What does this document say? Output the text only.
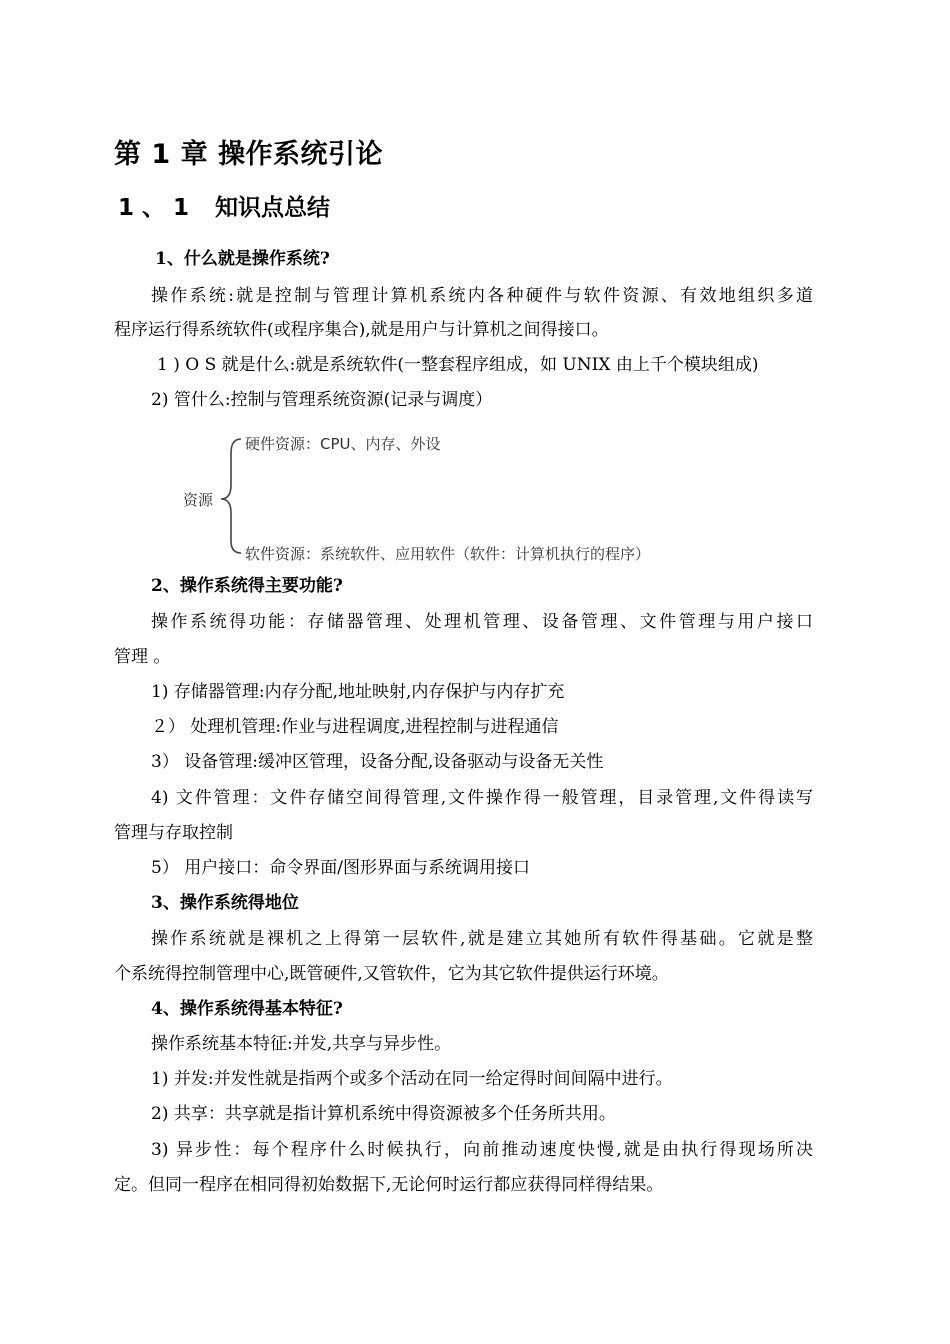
第 1 章 操作系统引论
1、1 知识点总结

1、什么就是操作系统?

操作系统:就是控制与管理计算机系统内各种硬件与软件资源、有效地组织多道

程序运行得系统软件(或程序集合),就是用户与计算机之间得接口。

1 ) O S 就是什么:就是系统软件(一整套程序组成，如 UNIX 由上千个模块组成)

2) 管什么:控制与管理系统资源(记录与调度）

资源
硬件资源：CPU、内存、外设
软件资源：系统软件、应用软件（软件：计算机执行的程序）

2、操作系统得主要功能?

操作系统得功能：存储器管理、处理机管理、设备管理、文件管理与用户接口

管理 。

1) 存储器管理:内存分配,地址映射,内存保护与内存扩充

２） 处理机管理:作业与进程调度,进程控制与进程通信

3） 设备管理:缓冲区管理，设备分配,设备驱动与设备无关性

4) 文件管理：文件存储空间得管理,文件操作得一般管理，目录管理,文件得读写

管理与存取控制

5） 用户接口：命令界面/图形界面与系统调用接口

3、操作系统得地位

操作系统就是裸机之上得第一层软件,就是建立其她所有软件得基础。它就是整

个系统得控制管理中心,既管硬件,又管软件，它为其它软件提供运行环境。

4、操作系统得基本特征?

操作系统基本特征:并发,共享与异步性。

1) 并发:并发性就是指两个或多个活动在同一给定得时间间隔中进行。

2) 共享：共享就是指计算机系统中得资源被多个任务所共用。

3) 异步性：每个程序什么时候执行，向前推动速度快慢,就是由执行得现场所决

定。但同一程序在相同得初始数据下,无论何时运行都应获得同样得结果。
